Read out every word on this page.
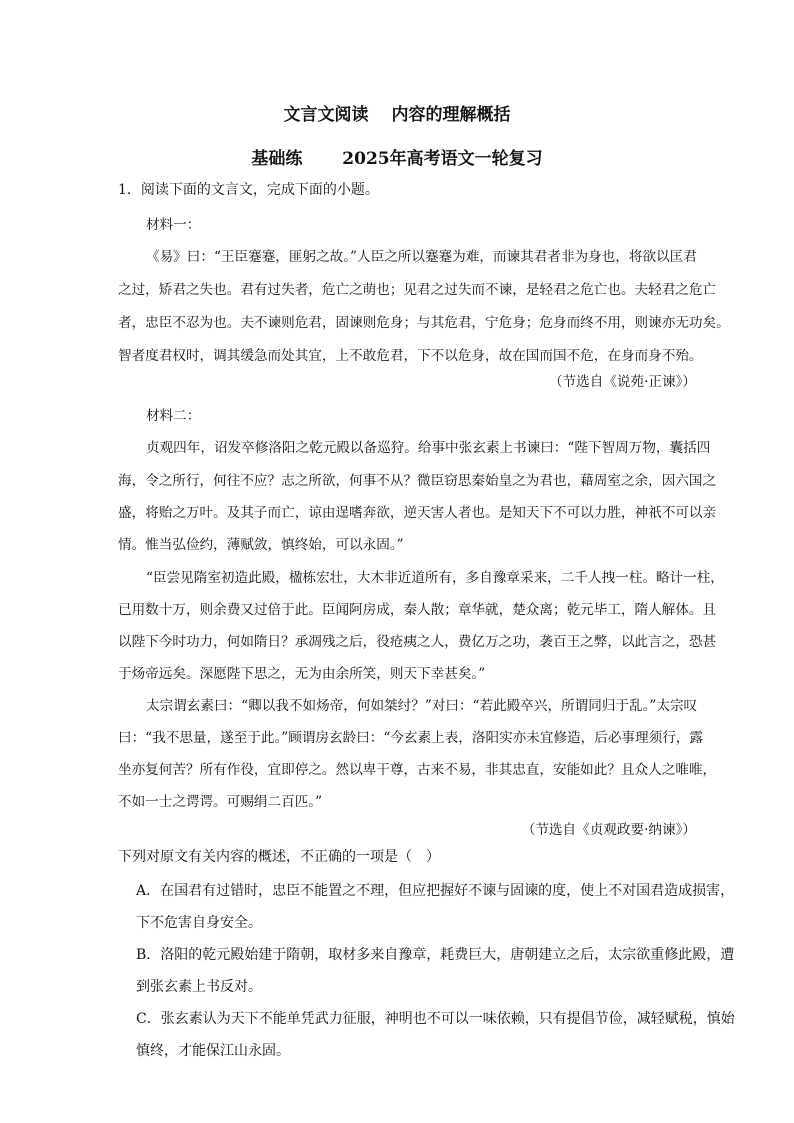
文言文阅读　 内容的理解概括
基础练　　 2025年高考语文一轮复习
1．阅读下面的文言文，完成下面的小题。
材料一：
《易》曰：“王臣蹇蹇，匪躬之故。”人臣之所以蹇蹇为难，而谏其君者非为身也，将欲以匡君
之过，矫君之失也。君有过失者，危亡之萌也；见君之过失而不谏，是轻君之危亡也。夫轻君之危亡
者，忠臣不忍为也。夫不谏则危君，固谏则危身；与其危君，宁危身；危身而终不用，则谏亦无功矣。
智者度君权时，调其缓急而处其宜，上不敢危君，下不以危身，故在国而国不危，在身而身不殆。
（节选自《说苑·正谏》）
材料二：
贞观四年，诏发卒修洛阳之乾元殿以备巡狩。给事中张玄素上书谏曰：“陛下智周万物，囊括四
海，令之所行，何往不应？志之所欲，何事不从？微臣窃思秦始皇之为君也，藉周室之余，因六国之
盛，将贻之万叶。及其子而亡，谅由逞嗜奔欲，逆天害人者也。是知天下不可以力胜，神祇不可以亲
情。惟当弘俭约，薄赋敛，慎终始，可以永固。”
“臣尝见隋室初造此殿，楹栋宏壮，大木非近道所有，多自豫章采来，二千人拽一柱。略计一柱，
已用数十万，则余费又过倍于此。臣闻阿房成，秦人散；章华就，楚众离；乾元毕工，隋人解体。且
以陛下今时功力，何如隋日？承凋残之后，役疮痍之人，费亿万之功，袭百王之弊，以此言之，恐甚
于炀帝远矣。深愿陛下思之，无为由余所笑，则天下幸甚矣。”
太宗谓玄素曰：“卿以我不如炀帝，何如桀纣？”对曰：“若此殿卒兴，所谓同归于乱。”太宗叹
曰：“我不思量，遂至于此。”顾谓房玄龄曰：“今玄素上表，洛阳实亦未宜修造，后必事理须行，露
坐亦复何苦？所有作役，宜即停之。然以卑干尊，古来不易，非其忠直，安能如此？且众人之唯唯，
不如一士之谔谔。可赐绢二百匹。”
（节选自《贞观政要·纳谏》）
下列对原文有关内容的概述，不正确的一项是（　）
A．在国君有过错时，忠臣不能置之不理，但应把握好不谏与固谏的度，使上不对国君造成损害，
下不危害自身安全。
B．洛阳的乾元殿始建于隋朝，取材多来自豫章，耗费巨大，唐朝建立之后，太宗欲重修此殿，遭
到张玄素上书反对。
C．张玄素认为天下不能单凭武力征服，神明也不可以一味依赖，只有提倡节俭，减轻赋税，慎始
慎终，才能保江山永固。
